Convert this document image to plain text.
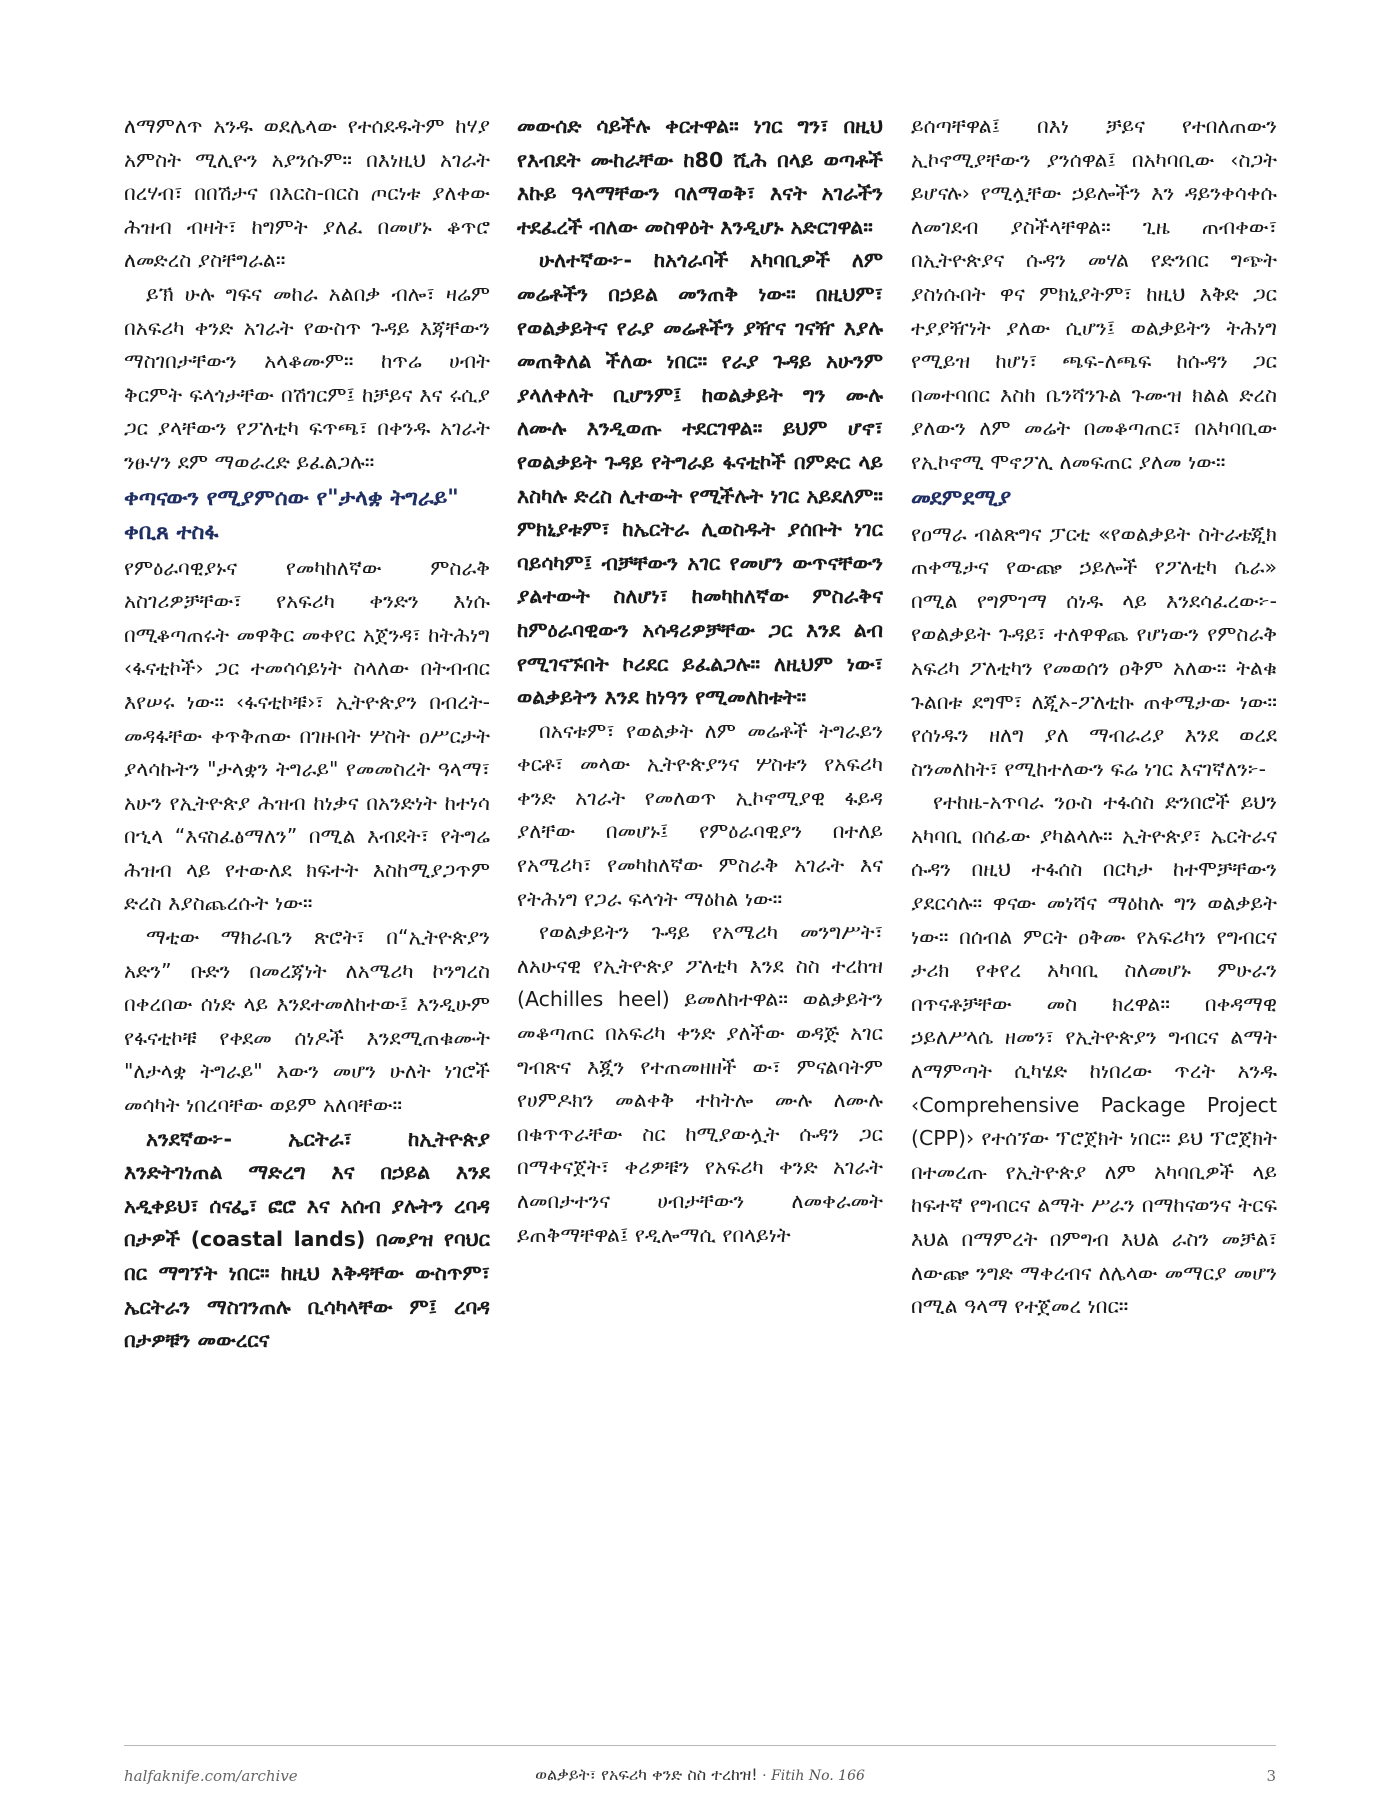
ለማምለጥ አንዱ ወደሌላው የተሰደዱትም ከሃያ አምስት ሚሊዮን አያንሱም። በእነዚህ አገራት በረሃብ፣ በበሽታና በእርስ-በርስ ጦርነቱ ያለቀው ሕዝብ ብዛት፣ ከግምት ያለፈ በመሆኑ ቆጥሮ ለመድረስ ያስቸግራል።

ይኽ ሁሉ ግፍና መከራ አልበቃ ብሎ፣ ዛሬም በአፍሪካ ቀንድ አገራት የውስጥ ጉዳይ እጃቸውን ማስገበታቸውን አላቆሙም። ከጥሬ ሀብት ቅርምት ፍላጎታቸው በሽገርም፤ ከቻይና እና ሩሲያ ጋር ያላቸውን የፖለቲካ ፍጥጫ፣ በቀንዱ አገራት ንፁሃን ደም ማወራረድ ይፈልጋሉ።

ቀጣናውን የሚያምሰው የ"ታላቋ ትግራይ" ቀቢጸ ተስፋ

የምዕራባዊያኑና የመካከለኛው ምስራቅ አስገሪዎቻቸው፣ የአፍሪካ ቀንድን እነሱ በሚቆጣጠሩት መዋቅር መቀየር አጀንዳ፣ ከትሕነግ ‹ፋናቲኮች› ጋር ተመሳሳይነት ስላለው በትብብር እየሠሩ ነው። ‹ፋናቲኮቹ›፣ ኢትዮጵያን በብረት-መዳፋቸው ቀጥቅጠው በገዙበት ሦስት ዐሥርታት ያላሳኩትን "ታላቋን ትግራይ" የመመስረት ዓላማ፣ አሁን የኢትዮጵያ ሕዝብ ከነቃና በአንድነት ከተነሳ በኂላ “እናስፈፅማለን” በሚል እብደት፣ የትግሬ ሕዝብ ላይ የተውለደ ክፍተት እስከሚያጋጥም ድረስ እያስጨረሱት ነው።

ማቲው ማክራቤን ጽሮት፣ በ“ኢትዮጵያን አድን” ቡድን በመረጃነት ለአሜሪካ ኮንግረስ በቀረበው ሰነድ ላይ እንደተመለከተው፤ እንዲሁም የፋናቲኮቹ የቀደመ ሰነዶች እንደሚጠቁሙት "ለታላቋ ትግራይ" እውን መሆን ሁለት ነገሮች መሳካት ነበረባቸው ወይም አለባቸው።

አንደኛው፦- ኤርትራ፣ ከኢትዮጵያ እንድትገነጠል ማድረግ እና በኃይል እንደ አዲቀይህ፣ ሰናፌ፣ ፎሮ እና አሰብ ያሉትን ረባዳ በታዎች (coastal lands) በመያዝ የባህር በር ማግኘት ነበር። ከዚህ እቅዳቸው ውስጥም፣ ኤርትራን ማስገንጠሉ ቢሳካላቸው ም፤ ረባዳ በታዎቹን መውረርና

መውሰድ ሳይችሉ ቀርተዋል። ነገር ግን፣ በዚህ የእብደት ሙከራቸው ከ80 ሺሕ በላይ ወጣቶች እኩይ ዓላማቸውን ባለማወቅ፣ እናት አገራችን ተደፈረች ብለው መስዋዕት እንዲሆኑ አድርገዋል።

ሁለተኛው፦- ከአጎራባች አካባቢዎች ለም መሬቶችን በኃይል መንጠቅ ነው። በዚህም፣ የወልቃይትና የራያ መሬቶችን ያዥና ገናዥ እያሉ መጠቅለል ችለው ነበር። የራያ ጉዳይ አሁንም ያላለቀለት ቢሆንም፤ ከወልቃይት ግን ሙሉ ለሙሉ እንዲወጡ ተደርገዋል። ይህም ሆኖ፣ የወልቃይት ጉዳይ የትግራይ ፋናቲኮች በምድር ላይ እስካሉ ድረስ ሊተውት የሚችሉት ነገር አይደለም። ምክኒያቱም፣ ከኤርትራ ሊወስዱት ያሰቡት ነገር ባይሳካም፤ ብቻቸውን አገር የመሆን ውጥናቸውን ያልተውት ስለሆነ፣ ከመካከለኛው ምስራቅና ከምዕራባዊውን አሳዳሪዎቻቸው ጋር እንደ ልብ የሚገናኙበት ኮሪደር ይፈልጋሉ። ለዚህም ነው፣ ወልቃይትን እንደ ከነዓን የሚመለከቱት።

በአናቱም፣ የወልቃት ለም መሬቶች ትግራይን ቀርቶ፣ መላው ኢትዮጵያንና ሦስቱን የአፍሪካ ቀንድ አገራት የመለወጥ ኢኮኖሚያዊ ፋይዳ ያለቸው በመሆኑ፤ የምዕራባዊያን በተለይ የአሜሪካ፣ የመካከለኛው ምስራቅ አገራት እና የትሕነግ የጋራ ፍላጎት ማዕከል ነው።

የወልቃይትን ጉዳይ የአሜሪካ መንግሥት፣ ለአሁናዊ የኢትዮጵያ ፖለቲካ እንደ ስስ ተረከዝ (Achilles heel) ይመለከተዋል። ወልቃይትን መቆጣጠር በአፍሪካ ቀንድ ያለችው ወዳጅ አገር ግብጽና እጇን የተጠመዘዘች ው፣ ምናልባትም የሀምዶክን መልቀቅ ተከትሎ ሙሉ ለሙሉ በቁጥጥራቸው ስር ከሚያውሏት ሱዳን ጋር በማቀናጀት፣ ቀሪዎቹን የአፍሪካ ቀንድ አገራት ለመበታተንና ሀብታቸውን ለመቀራመት ይጠቅማቸዋል፤ የዲሎማሲ የበላይነት

ይሰጣቸዋል፤ በእነ ቻይና የተበለጠውን ኢኮኖሚያቸውን ያንሰዋል፤ በአካባቢው ‹ስጋት ይሆናሉ› የሚሏቸው ኃይሎችን እን ዳይንቀሳቀሱ ለመገደብ ያስችላቸዋል። ጊዜ ጠብቀው፣ በኢትዮጵያና ሱዳን መሃል የድንበር ግጭት ያስነሱበት ዋና ምክኒያትም፣ ከዚህ እቅድ ጋር ተያያዥነት ያለው ሲሆን፤ ወልቃይትን ትሕነግ የሚይዝ ከሆነ፣ ጫፍ-ለጫፍ ከሱዳን ጋር በመተባበር እስከ ቤንሻንጉል ጉሙዝ ክልል ድረስ ያለውን ለም መሬት በመቆጣጠር፣ በአካባቢው የኢኮኖሚ ሞኖፖሊ ለመፍጠር ያለመ ነው።

መደምደሚያ

የዐማራ ብልጽግና ፓርቲ «የወልቃይት ስትራቴጂክ ጠቀሜታና የውጬ ኃይሎች የፖለቲካ ሴራ» በሚል የግምገማ ሰነዱ ላይ እንደሳፈረው፦- የወልቃይት ጉዳይ፣ ተለዋዋጨ የሆነውን የምስራቅ አፍሪካ ፖለቲካን የመወሰን ዐቅም አለው። ትልቁ ጉልበቱ ደግሞ፣ ለጂኦ-ፖለቲኩ ጠቀሜታው ነው። የሰነዱን ዘለግ ያለ ማብራሪያ እንደ ወረደ ስንመለከት፣ የሚከተለውን ፍሬ ነገር እናገኛለን፦-

የተከዜ-አጥባራ ንዑስ ተፋሰስ ድንበሮች ይህን አካባቢ በሰፊው ያካልላሉ። ኢትዮጵያ፣ ኤርትራና ሱዳን በዚህ ተፋሰስ በርካታ ከተሞቻቸውን ያደርሳሉ። ዋናው መነሻና ማዕከሉ ግን ወልቃይት ነው። በሰብል ምርት ዐቅሙ የአፍሪካን የግብርና ታሪክ የቀየረ አካባቢ ስለመሆኑ ምሁራን በጥናቶቻቸው መስ ክረዋል። በቀዳማዊ ኃይለሥላሴ ዘመን፣ የኢትዮጵያን ግብርና ልማት ለማምጣት ሲካሄድ ከነበረው ጥረት አንዱ ‹Comprehensive Package Project (CPP)› የተሰኘው ፕሮጀክት ነበር። ይህ ፕሮጀክት በተመረጡ የኢትዮጵያ ለም አካባቢዎች ላይ ከፍተኛ የግብርና ልማት ሥራን በማከናወንና ትርፍ እህል በማምረት በምግብ እህል ራስን መቻል፣ ለውጬ ንግድ ማቀረብና ለሌላው መማርያ መሆን በሚል ዓላማ የተጀመረ ነበር።

halfaknife.com/archive	ወልቃይት፣ የአፍሪካ ቀንድ ስስ ተረከዝ! · Fitih No. 166	3
